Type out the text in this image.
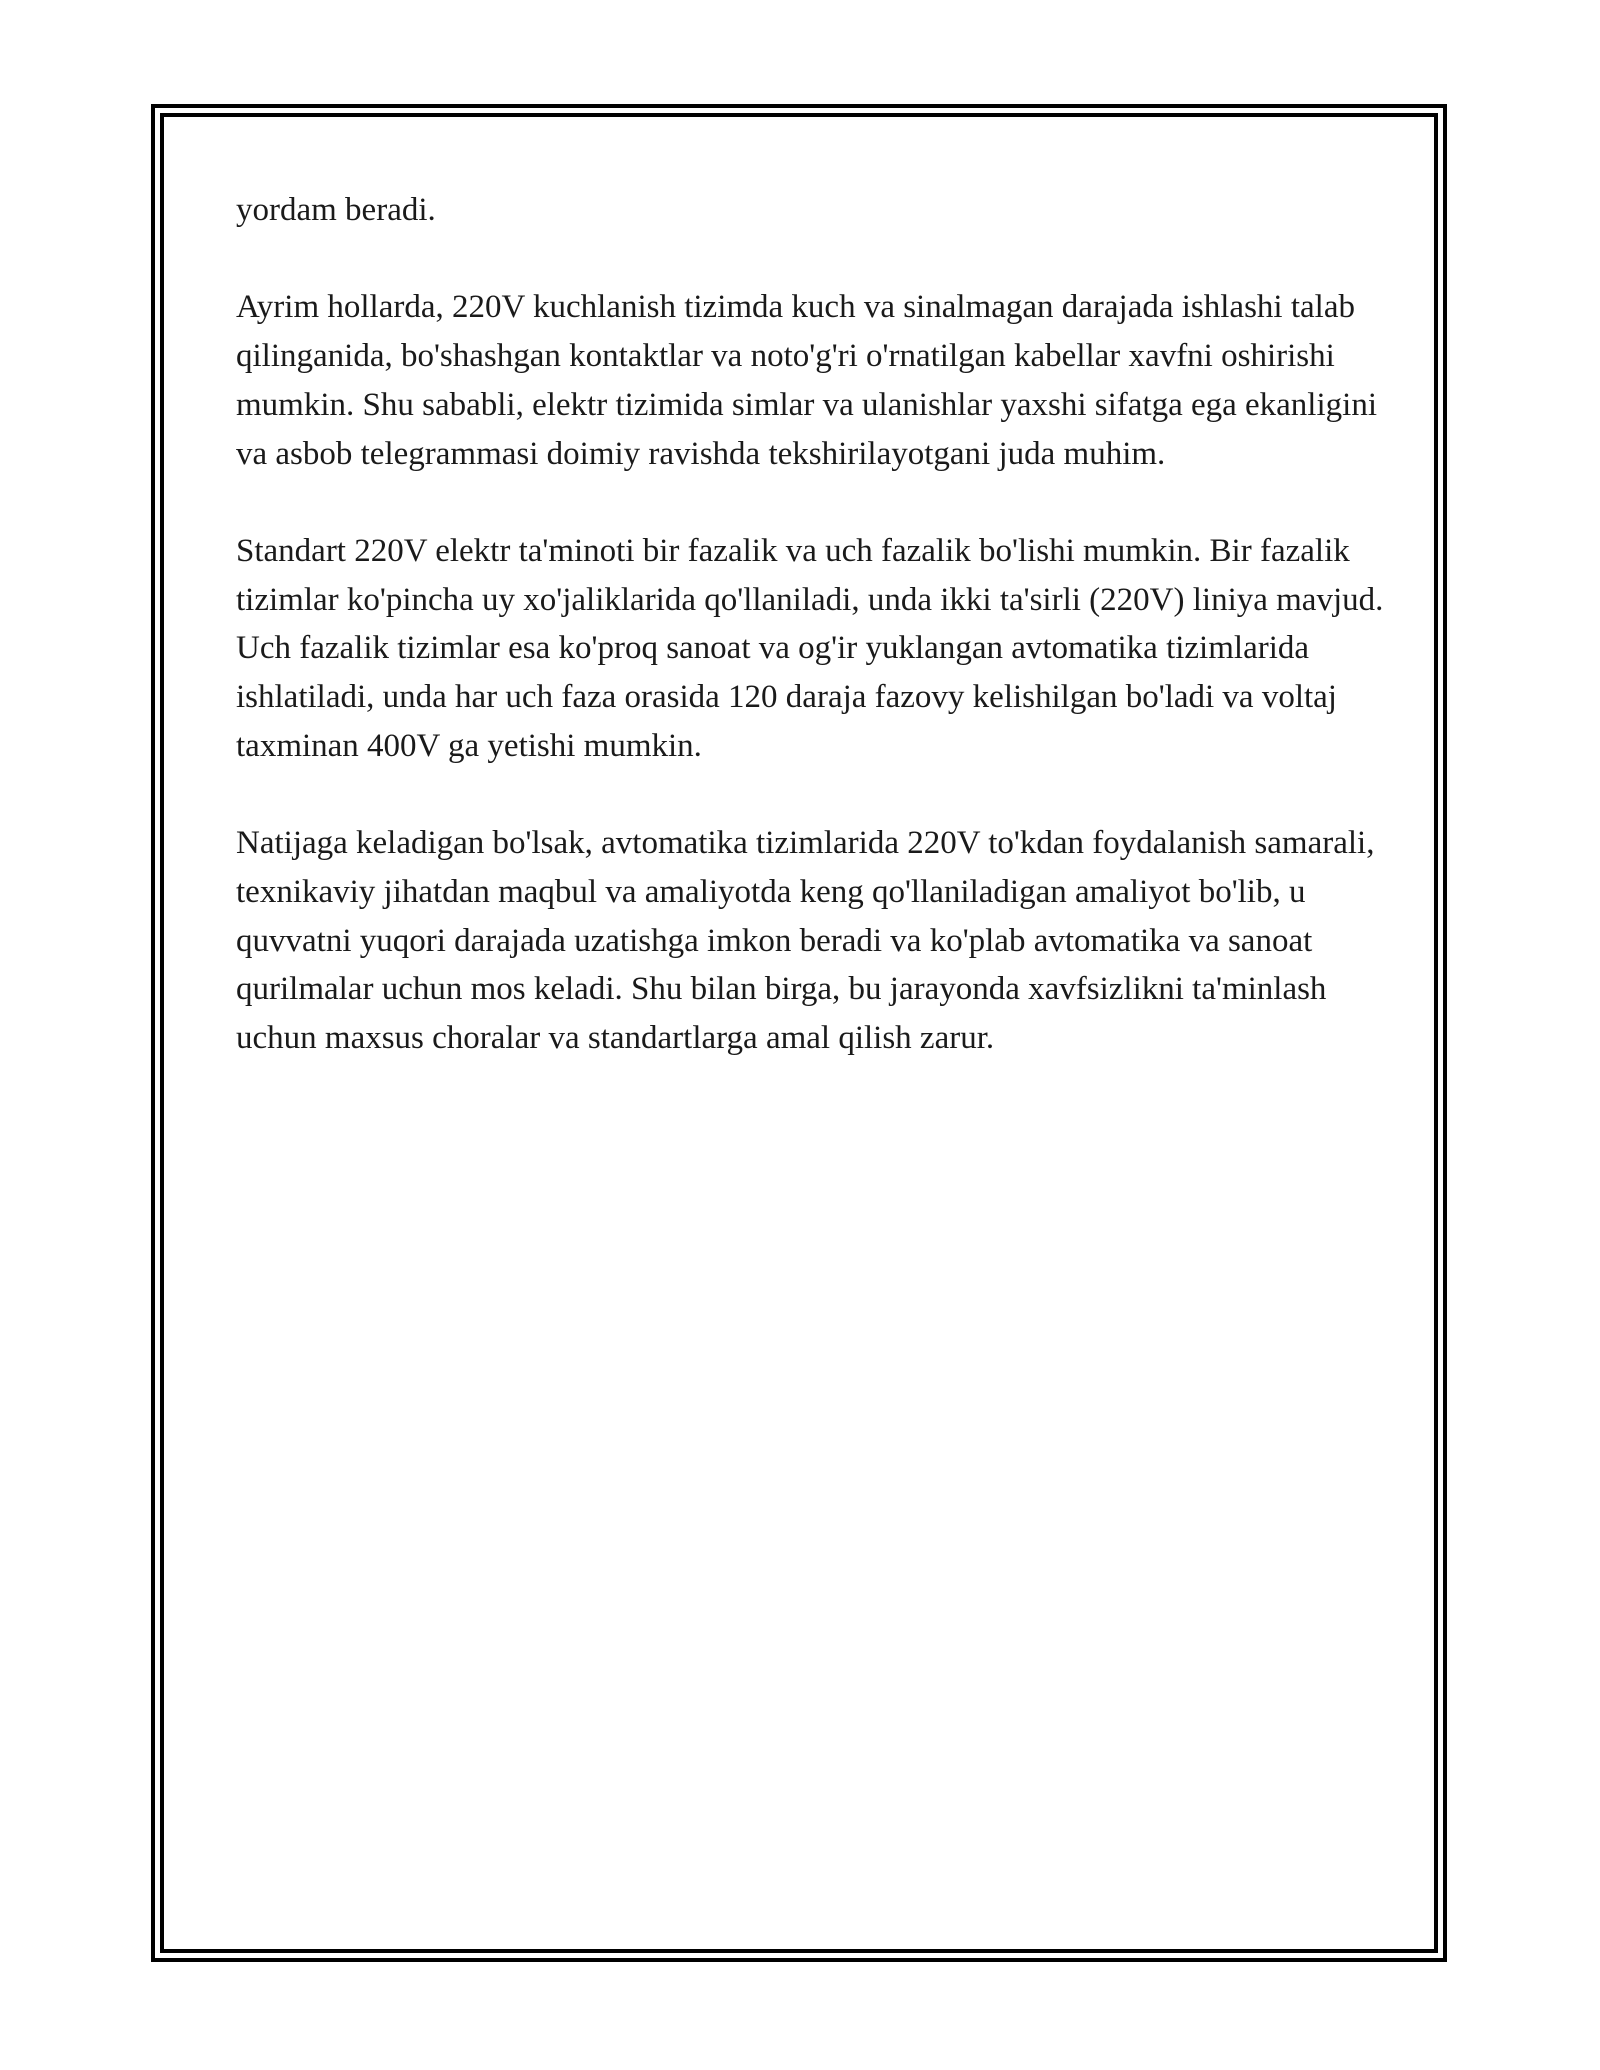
yordam beradi.

Ayrim hollarda, 220V kuchlanish tizimda kuch va sinalmagan darajada ishlashi talab qilinganida, bo'shashgan kontaktlar va noto'g'ri o'rnatilgan kabellar xavfni oshirishi mumkin. Shu sababli, elektr tizimida simlar va ulanishlar yaxshi sifatga ega ekanligini va asbob telegrammasi doimiy ravishda tekshirilayotgani juda muhim.

Standart 220V elektr ta'minoti bir fazalik va uch fazalik bo'lishi mumkin. Bir fazalik tizimlar ko'pincha uy xo'jaliklarida qo'llaniladi, unda ikki ta'sirli (220V) liniya mavjud. Uch fazalik tizimlar esa ko'proq sanoat va og'ir yuklangan avtomatika tizimlarida ishlatiladi, unda har uch faza orasida 120 daraja fazovy kelishilgan bo'ladi va voltaj taxminan 400V ga yetishi mumkin.

Natijaga keladigan bo'lsak, avtomatika tizimlarida 220V to'kdan foydalanish samarali, texnikaviy jihatdan maqbul va amaliyotda keng qo'llaniladigan amaliyot bo'lib, u quvvatni yuqori darajada uzatishga imkon beradi va ko'plab avtomatika va sanoat qurilmalar uchun mos keladi. Shu bilan birga, bu jarayonda xavfsizlikni ta'minlash uchun maxsus choralar va standartlarga amal qilish zarur.
